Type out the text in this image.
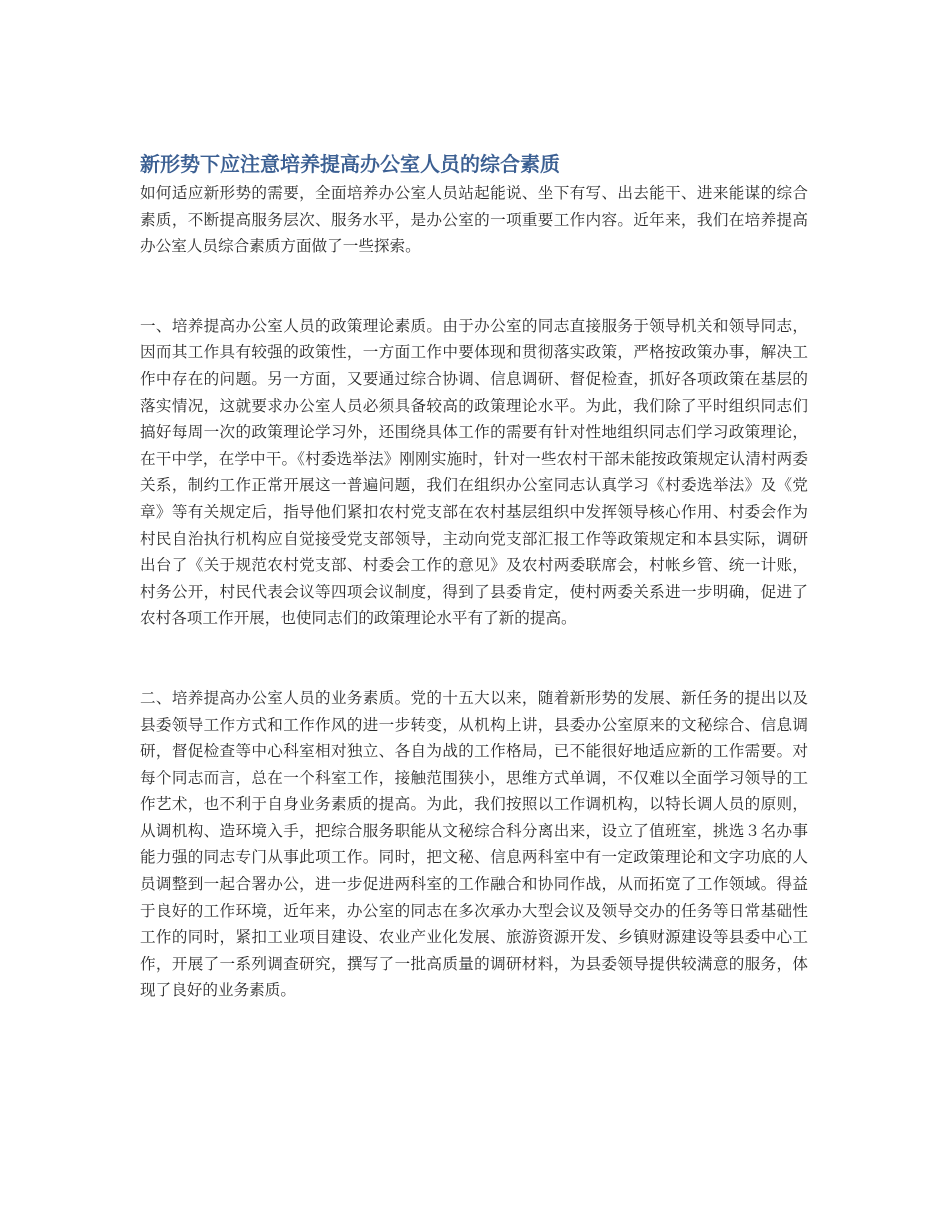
新形势下应注意培养提高办公室人员的综合素质

如何适应新形势的需要，全面培养办公室人员站起能说、坐下有写、出去能干、进来能谋的综合素质，不断提高服务层次、服务水平，是办公室的一项重要工作内容。近年来，我们在培养提高办公室人员综合素质方面做了一些探索。

一、培养提高办公室人员的政策理论素质。由于办公室的同志直接服务于领导机关和领导同志，因而其工作具有较强的政策性，一方面工作中要体现和贯彻落实政策，严格按政策办事，解决工作中存在的问题。另一方面，又要通过综合协调、信息调研、督促检查，抓好各项政策在基层的落实情况，这就要求办公室人员必须具备较高的政策理论水平。为此，我们除了平时组织同志们搞好每周一次的政策理论学习外，还围绕具体工作的需要有针对性地组织同志们学习政策理论，在干中学，在学中干。《村委选举法》刚刚实施时，针对一些农村干部未能按政策规定认清村两委关系，制约工作正常开展这一普遍问题，我们在组织办公室同志认真学习《村委选举法》及《党章》等有关规定后，指导他们紧扣农村党支部在农村基层组织中发挥领导核心作用、村委会作为村民自治执行机构应自觉接受党支部领导，主动向党支部汇报工作等政策规定和本县实际，调研出台了《关于规范农村党支部、村委会工作的意见》及农村两委联席会，村帐乡管、统一计账，村务公开，村民代表会议等四项会议制度，得到了县委肯定，使村两委关系进一步明确，促进了农村各项工作开展，也使同志们的政策理论水平有了新的提高。

二、培养提高办公室人员的业务素质。党的十五大以来，随着新形势的发展、新任务的提出以及县委领导工作方式和工作作风的进一步转变，从机构上讲，县委办公室原来的文秘综合、信息调研，督促检查等中心科室相对独立、各自为战的工作格局，已不能很好地适应新的工作需要。对每个同志而言，总在一个科室工作，接触范围狭小，思维方式单调，不仅难以全面学习领导的工作艺术，也不利于自身业务素质的提高。为此，我们按照以工作调机构，以特长调人员的原则，从调机构、造环境入手，把综合服务职能从文秘综合科分离出来，设立了值班室，挑选３名办事能力强的同志专门从事此项工作。同时，把文秘、信息两科室中有一定政策理论和文字功底的人员调整到一起合署办公，进一步促进两科室的工作融合和协同作战，从而拓宽了工作领域。得益于良好的工作环境，近年来，办公室的同志在多次承办大型会议及领导交办的任务等日常基础性工作的同时，紧扣工业项目建设、农业产业化发展、旅游资源开发、乡镇财源建设等县委中心工作，开展了一系列调查研究，撰写了一批高质量的调研材料，为县委领导提供较满意的服务，体现了良好的业务素质。
